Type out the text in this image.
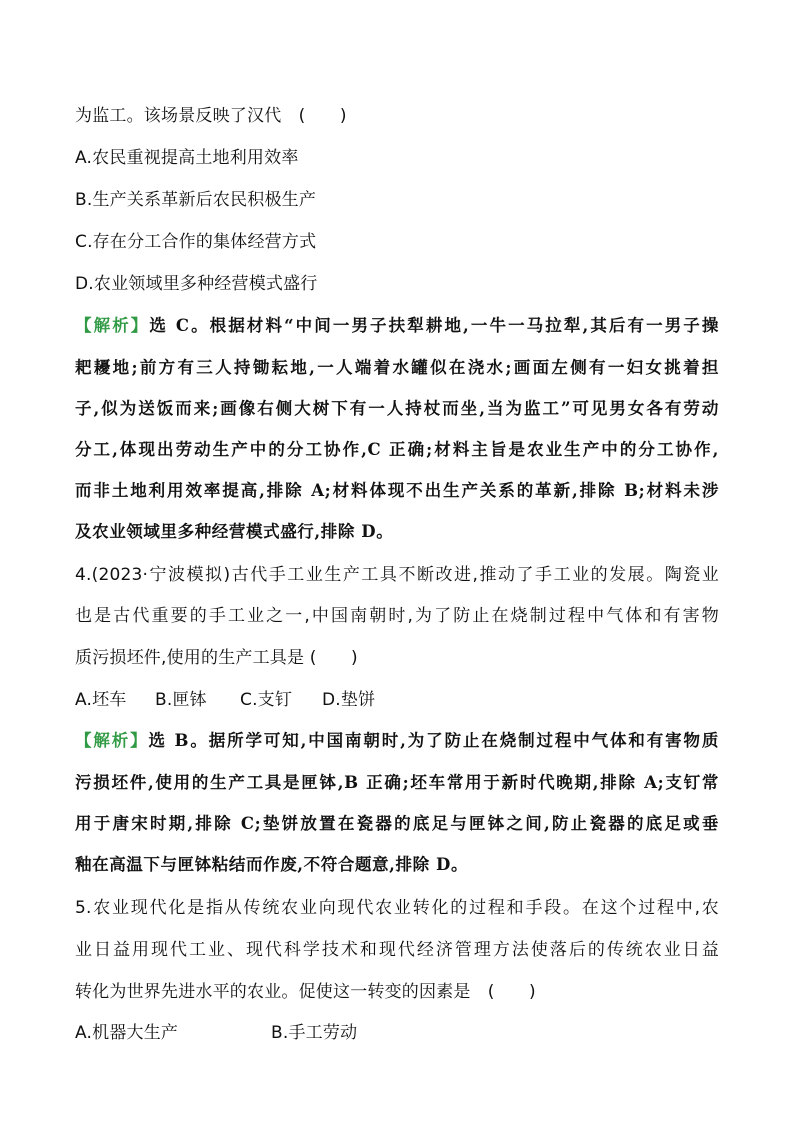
为监工。该场景反映了汉代　(　　)
A.农民重视提高土地利用效率
B.生产关系革新后农民积极生产
C.存在分工合作的集体经营方式
D.农业领域里多种经营模式盛行
【解析】选 C。根据材料“中间一男子扶犁耕地,一牛一马拉犁,其后有一男子操
耙耰地;前方有三人持锄耘地,一人端着水罐似在浇水;画面左侧有一妇女挑着担
子,似为送饭而来;画像右侧大树下有一人持杖而坐,当为监工”可见男女各有劳动
分工,体现出劳动生产中的分工协作,C 正确;材料主旨是农业生产中的分工协作,
而非土地利用效率提高,排除 A;材料体现不出生产关系的革新,排除 B;材料未涉
及农业领域里多种经营模式盛行,排除 D。
4.(2023·宁波模拟)古代手工业生产工具不断改进,推动了手工业的发展。陶瓷业
也是古代重要的手工业之一,中国南朝时,为了防止在烧制过程中气体和有害物
质污损坯件,使用的生产工具是 (　　)
A.坯车 B.匣钵 C.支钉 D.垫饼
【解析】选 B。据所学可知,中国南朝时,为了防止在烧制过程中气体和有害物质
污损坯件,使用的生产工具是匣钵,B 正确;坯车常用于新时代晚期,排除 A;支钉常
用于唐宋时期,排除 C;垫饼放置在瓷器的底足与匣钵之间,防止瓷器的底足或垂
釉在高温下与匣钵粘结而作废,不符合题意,排除 D。
5.农业现代化是指从传统农业向现代农业转化的过程和手段。在这个过程中,农
业日益用现代工业、现代科学技术和现代经济管理方法使落后的传统农业日益
转化为世界先进水平的农业。促使这一转变的因素是　(　　)
A.机器大生产	B.手工劳动
